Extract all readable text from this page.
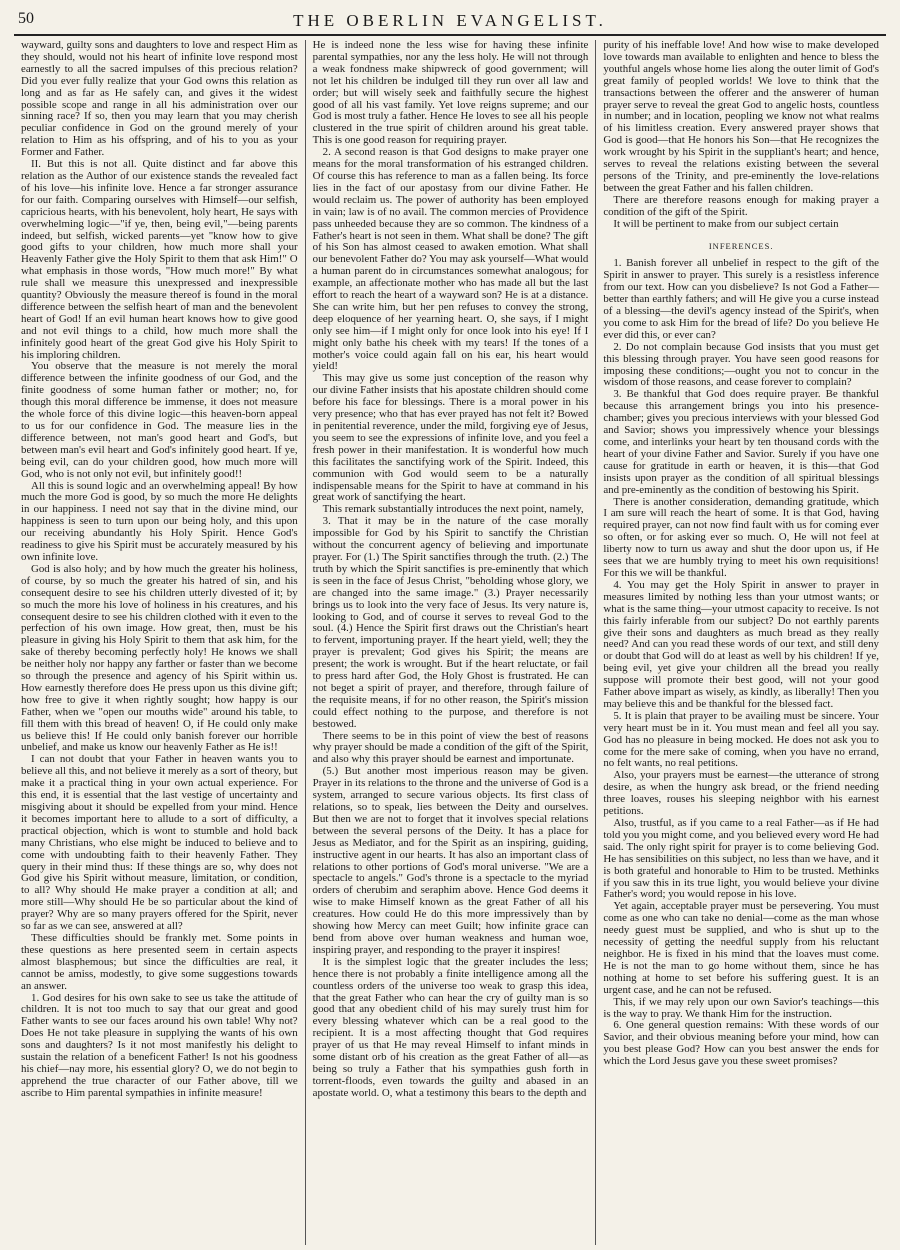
50	THE OBERLIN EVANGELIST.

wayward, guilty sons and daughters to love and respect Him as they should, would not his heart of infinite love respond most earnestly to all the sacred impulses of this precious relation? Did you ever fully realize that your God owns this relation as long and as far as He safely can, and gives it the widest possible scope and range in all his administration over our sinning race? If so, then you may learn that you may cherish peculiar confidence in God on the ground merely of your relation to Him as his offspring, and of his to you as your Former and Father.

II. But this is not all. Quite distinct and far above this relation as the Author of our existence stands the revealed fact of his love—his infinite love. Hence a far stronger assurance for our faith. Comparing ourselves with Himself—our selfish, capricious hearts, with his benevolent, holy heart, He says with overwhelming logic—"if ye, then, being evil,"—being parents indeed, but selfish, wicked parents—yet "know how to give good gifts to your children, how much more shall your Heavenly Father give the Holy Spirit to them that ask Him!" O what emphasis in those words, "How much more!" By what rule shall we measure this unexpressed and inexpressible quantity? Obviously the measure thereof is found in the moral difference between the selfish heart of man and the benevolent heart of God! If an evil human heart knows how to give good and not evil things to a child, how much more shall the infinitely good heart of the great God give his Holy Spirit to his imploring children.

You observe that the measure is not merely the moral difference between the infinite goodness of our God, and the finite goodness of some human father or mother; no, for though this moral difference be immense, it does not measure the whole force of this divine logic—this heaven-born appeal to us for our confidence in God. The measure lies in the difference between, not man's good heart and God's, but between man's evil heart and God's infinitely good heart. If ye, being evil, can do your children good, how much more will God, who is not only not evil, but infinitely good!!

All this is sound logic and an overwhelming appeal! By how much the more God is good, by so much the more He delights in our happiness. I need not say that in the divine mind, our happiness is seen to turn upon our being holy, and this upon our receiving abundantly his Holy Spirit. Hence God's readiness to give his Spirit must be accurately measured by his own infinite love.

God is also holy; and by how much the greater his holiness, of course, by so much the greater his hatred of sin, and his consequent desire to see his children utterly divested of it; by so much the more his love of holiness in his creatures, and his consequent desire to see his children clothed with it even to the perfection of his own image. How great, then, must be his pleasure in giving his Holy Spirit to them that ask him, for the sake of thereby becoming perfectly holy! He knows we shall be neither holy nor happy any farther or faster than we become so through the presence and agency of his Spirit within us. How earnestly therefore does He press upon us this divine gift; how free to give it when rightly sought; how happy is our Father, when we "open our mouths wide" around his table, to fill them with this bread of heaven! O, if He could only make us believe this! If He could only banish forever our horrible unbelief, and make us know our heavenly Father as He is!!

I can not doubt that your Father in heaven wants you to believe all this, and not believe it merely as a sort of theory, but make it a practical thing in your own actual experience. For this end, it is essential that the last vestige of uncertainty and misgiving about it should be expelled from your mind. Hence it becomes important here to allude to a sort of difficulty, a practical objection, which is wont to stumble and hold back many Christians, who else might be induced to believe and to come with undoubting faith to their heavenly Father. They query in their mind thus: If these things are so, why does not God give his Spirit without measure, limitation, or condition, to all? Why should He make prayer a condition at all; and more still—Why should He be so particular about the kind of prayer? Why are so many prayers offered for the Spirit, never so far as we can see, answered at all?

These difficulties should be frankly met. Some points in these questions as here presented seem in certain aspects almost blasphemous; but since the difficulties are real, it cannot be amiss, modestly, to give some suggestions towards an answer.

1. God desires for his own sake to see us take the attitude of children. It is not too much to say that our great and good Father wants to see our faces around his own table! Why not? Does He not take pleasure in supplying the wants of his own sons and daughters? Is it not most manifestly his delight to sustain the relation of a beneficent Father! Is not his goodness his chief—nay more, his essential glory? O, we do not begin to apprehend the true character of our Father above, till we ascribe to Him parental sympathies in infinite measure!

He is indeed none the less wise for having these infinite parental sympathies, nor any the less holy. He will not through a weak fondness make shipwreck of good government; will not let his children be indulged till they run over all law and order; but will wisely seek and faithfully secure the highest good of all his vast family. Yet love reigns supreme; and our God is most truly a father. Hence He loves to see all his people clustered in the true spirit of children around his great table. This is one good reason for requiring prayer.

2. A second reason is that God designs to make prayer one means for the moral transformation of his estranged children. Of course this has reference to man as a fallen being. Its force lies in the fact of our apostasy from our divine Father. He would reclaim us. The power of authority has been employed in vain; law is of no avail. The common mercies of Providence pass unheeded because they are so common. The kindness of a Father's heart is not seen in them. What shall be done? The gift of his Son has almost ceased to awaken emotion. What shall our benevolent Father do? You may ask yourself—What would a human parent do in circumstances somewhat analogous; for example, an affectionate mother who has made all but the last effort to reach the heart of a wayward son? He is at a distance. She can write him, but her pen refuses to convey the strong, deep eloquence of her yearning heart. O, she says, if I might only see him—if I might only for once look into his eye! If I might only bathe his cheek with my tears! If the tones of a mother's voice could again fall on his ear, his heart would yield!

This may give us some just conception of the reason why our divine Father insists that his apostate children should come before his face for blessings. There is a moral power in his very presence; who that has ever prayed has not felt it? Bowed in penitential reverence, under the mild, forgiving eye of Jesus, you seem to see the expressions of infinite love, and you feel a fresh power in their manifestation. It is wonderful how much this facilitates the sanctifying work of the Spirit. Indeed, this communion with God would seem to be a naturally indispensable means for the Spirit to have at command in his great work of sanctifying the heart.

This remark substantially introduces the next point, namely,

3. That it may be in the nature of the case morally impossible for God by his Spirit to sanctify the Christian without the concurrent agency of believing and importunate prayer. For (1.) The Spirit sanctifies through the truth. (2.) The truth by which the Spirit sanctifies is pre-eminently that which is seen in the face of Jesus Christ, "beholding whose glory, we are changed into the same image." (3.) Prayer necessarily brings us to look into the very face of Jesus. Its very nature is, looking to God, and of course it serves to reveal God to the soul. (4.) Hence the Spirit first draws out the Christian's heart to fervent, importuning prayer. If the heart yield, well; they the prayer is prevalent; God gives his Spirit; the means are present; the work is wrought. But if the heart reluctate, or fail to press hard after God, the Holy Ghost is frustrated. He can not beget a spirit of prayer, and therefore, through failure of the requisite means, if for no other reason, the Spirit's mission could effect nothing to the purpose, and therefore is not bestowed.

There seems to be in this point of view the best of reasons why prayer should be made a condition of the gift of the Spirit, and also why this prayer should be earnest and importunate.

(5.) But another most imperious reason may be given. Prayer in its relations to the throne and the universe of God is a system, arranged to secure various objects. Its first class of relations, so to speak, lies between the Deity and ourselves. But then we are not to forget that it involves special relations between the several persons of the Deity. It has a place for Jesus as Mediator, and for the Spirit as an inspiring, guiding, instructive agent in our hearts. It has also an important class of relations to other portions of God's moral universe. "We are a spectacle to angels." God's throne is a spectacle to the myriad orders of cherubim and seraphim above. Hence God deems it wise to make Himself known as the great Father of all his creatures. How could He do this more impressively than by showing how Mercy can meet Guilt; how infinite grace can bend from above over human weakness and human woe, inspiring prayer, and responding to the prayer it inspires!

It is the simplest logic that the greater includes the less; hence there is not probably a finite intelligence among all the countless orders of the universe too weak to grasp this idea, that the great Father who can hear the cry of guilty man is so good that any obedient child of his may surely trust him for every blessing whatever which can be a real good to the recipient. It is a most affecting thought that God requires prayer of us that He may reveal Himself to infant minds in some distant orb of his creation as the great Father of all—as being so truly a Father that his sympathies gush forth in torrent-floods, even towards the guilty and abased in an apostate world. O, what a testimony this bears to the depth and

purity of his ineffable love! And how wise to make developed love towards man available to enlighten and hence to bless the youthful angels whose home lies along the outer limit of God's great family of peopled worlds! We love to think that the transactions between the offerer and the answerer of human prayer serve to reveal the great God to angelic hosts, countless in number; and in location, peopling we know not what realms of his limitless creation. Every answered prayer shows that God is good—that He honors his Son—that He recognizes the work wrought by his Spirit in the suppliant's heart; and hence, serves to reveal the relations existing between the several persons of the Trinity, and pre-eminently the love-relations between the great Father and his fallen children.

There are therefore reasons enough for making prayer a condition of the gift of the Spirit.

It will be pertinent to make from our subject certain

INFERENCES.

1. Banish forever all unbelief in respect to the gift of the Spirit in answer to prayer. This surely is a resistless inference from our text. How can you disbelieve? Is not God a Father—better than earthly fathers; and will He give you a curse instead of a blessing—the devil's agency instead of the Spirit's, when you come to ask Him for the bread of life? Do you believe He ever did this, or ever can?

2. Do not complain because God insists that you must get this blessing through prayer. You have seen good reasons for imposing these conditions;—ought you not to concur in the wisdom of those reasons, and cease forever to complain?

3. Be thankful that God does require prayer. Be thankful because this arrangement brings you into his presence-chamber; gives you precious interviews with your blessed God and Savior; shows you impressively whence your blessings come, and interlinks your heart by ten thousand cords with the heart of your divine Father and Savior. Surely if you have one cause for gratitude in earth or heaven, it is this—that God insists upon prayer as the condition of all spiritual blessings and pre-eminently as the condition of bestowing his Spirit.

There is another consideration, demanding gratitude, which I am sure will reach the heart of some. It is that God, having required prayer, can not now find fault with us for coming ever so often, or for asking ever so much. O, He will not feel at liberty now to turn us away and shut the door upon us, if He sees that we are humbly trying to meet his own requisitions! For this we will be thankful.

4. You may get the Holy Spirit in answer to prayer in measures limited by nothing less than your utmost wants; or what is the same thing—your utmost capacity to receive. Is not this fairly inferable from our subject? Do not earthly parents give their sons and daughters as much bread as they really need? And can you read these words of our text, and still deny or doubt that God will do at least as well by his children! If ye, being evil, yet give your children all the bread you really suppose will promote their best good, will not your good Father above impart as wisely, as kindly, as liberally! Then you may believe this and be thankful for the blessed fact.

5. It is plain that prayer to be availing must be sincere. Your very heart must be in it. You must mean and feel all you say. God has no pleasure in being mocked. He does not ask you to come for the mere sake of coming, when you have no errand, no felt wants, no real petitions.

Also, your prayers must be earnest—the utterance of strong desire, as when the hungry ask bread, or the friend needing three loaves, rouses his sleeping neighbor with his earnest petitions.

Also, trustful, as if you came to a real Father—as if He had told you you might come, and you believed every word He had said. The only right spirit for prayer is to come believing God. He has sensibilities on this subject, no less than we have, and it is both grateful and honorable to Him to be trusted. Methinks if you saw this in its true light, you would believe your divine Father's word; you would repose in his love.

Yet again, acceptable prayer must be persevering. You must come as one who can take no denial—come as the man whose needy guest must be supplied, and who is shut up to the necessity of getting the needful supply from his reluctant neighbor. He is fixed in his mind that the loaves must come. He is not the man to go home without them, since he has nothing at home to set before his suffering guest. It is an urgent case, and he can not be refused.

This, if we may rely upon our own Savior's teachings—this is the way to pray. We thank Him for the instruction.

6. One general question remains: With these words of our Savior, and their obvious meaning before your mind, how can you best please God? How can you best answer the ends for which the Lord Jesus gave you these sweet promises?
